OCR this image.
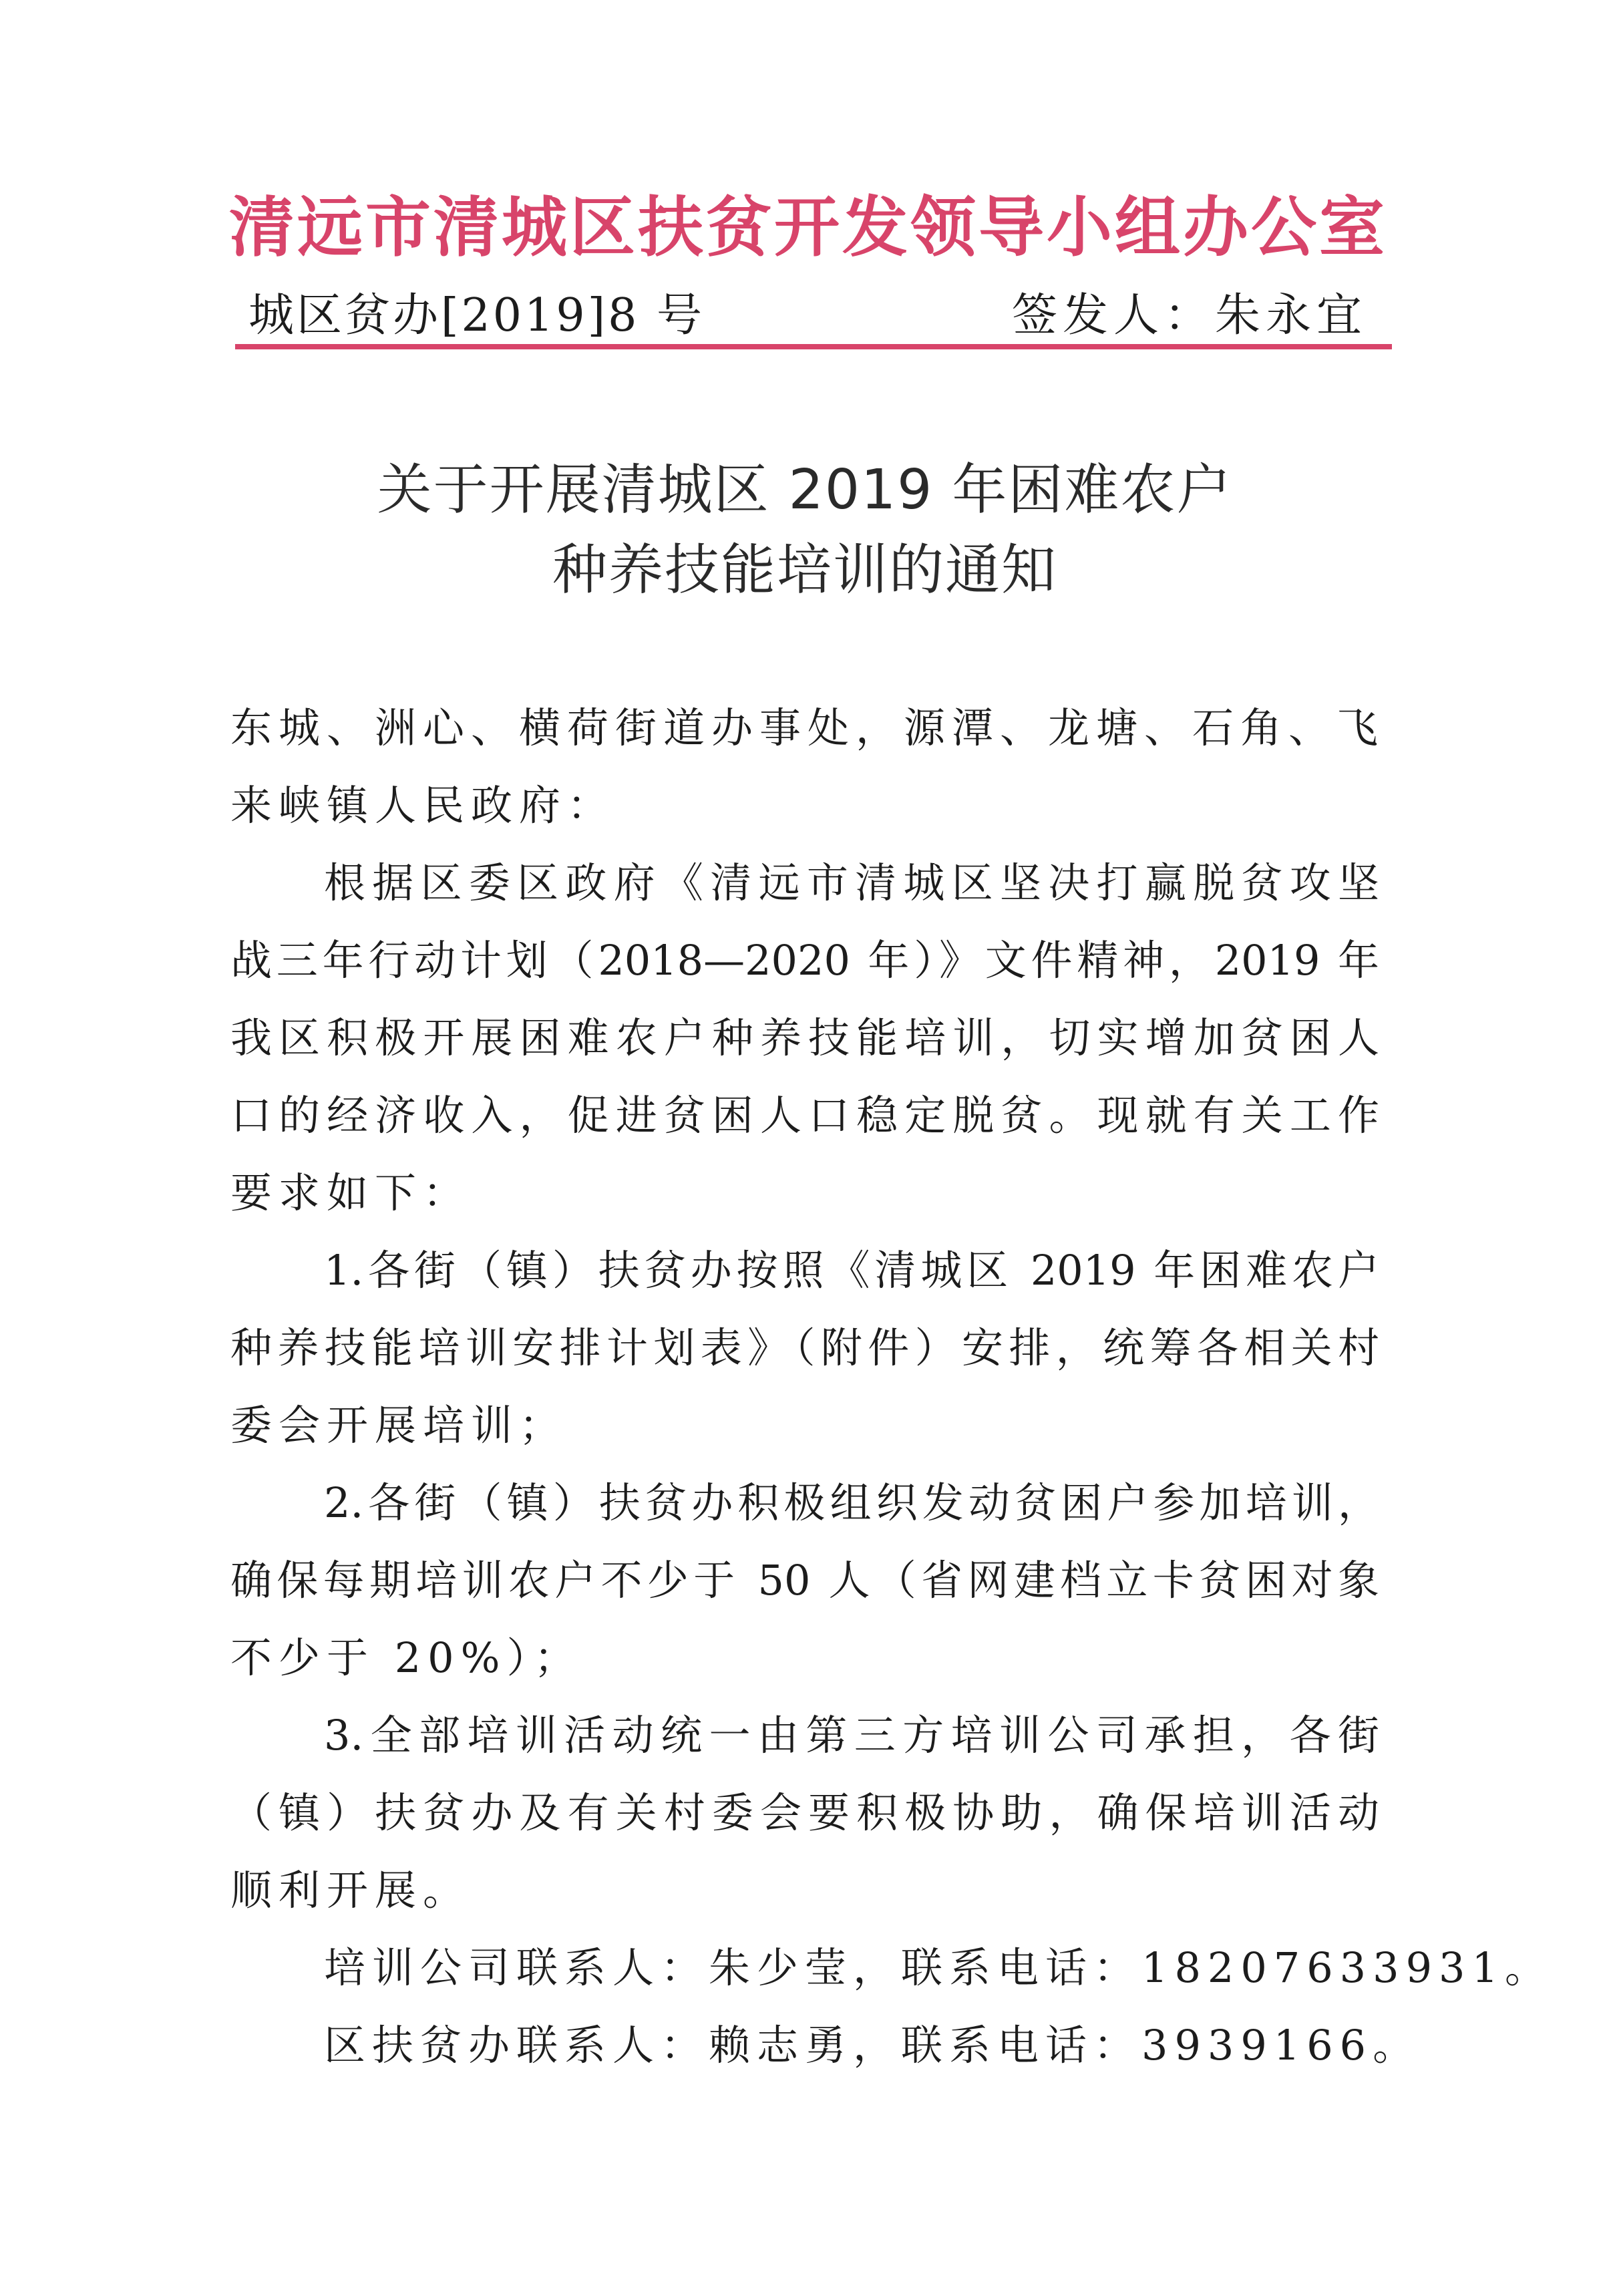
清远市清城区扶贫开发领导小组办公室
城区贫办[2019]8 号	签发人：朱永宜
关于开展清城区 2019 年困难农户
种养技能培训的通知
东城、洲心、横荷街道办事处，源潭、龙塘、石角、飞
来峡镇人民政府：
根据区委区政府《清远市清城区坚决打赢脱贫攻坚
战三年行动计划（2018—2020 年）》文件精神，2019 年
我区积极开展困难农户种养技能培训，切实增加贫困人
口的经济收入，促进贫困人口稳定脱贫。现就有关工作
要求如下：
1.各街（镇）扶贫办按照《清城区 2019 年困难农户
种养技能培训安排计划表》（附件）安排，统筹各相关村
委会开展培训；
2.各街（镇）扶贫办积极组织发动贫困户参加培训，
确保每期培训农户不少于 50 人（省网建档立卡贫困对象
不少于 20%）；
3.全部培训活动统一由第三方培训公司承担，各街
（镇）扶贫办及有关村委会要积极协助，确保培训活动
顺利开展。
培训公司联系人：朱少莹，联系电话：18207633931。
区扶贫办联系人：赖志勇，联系电话：3939166。
